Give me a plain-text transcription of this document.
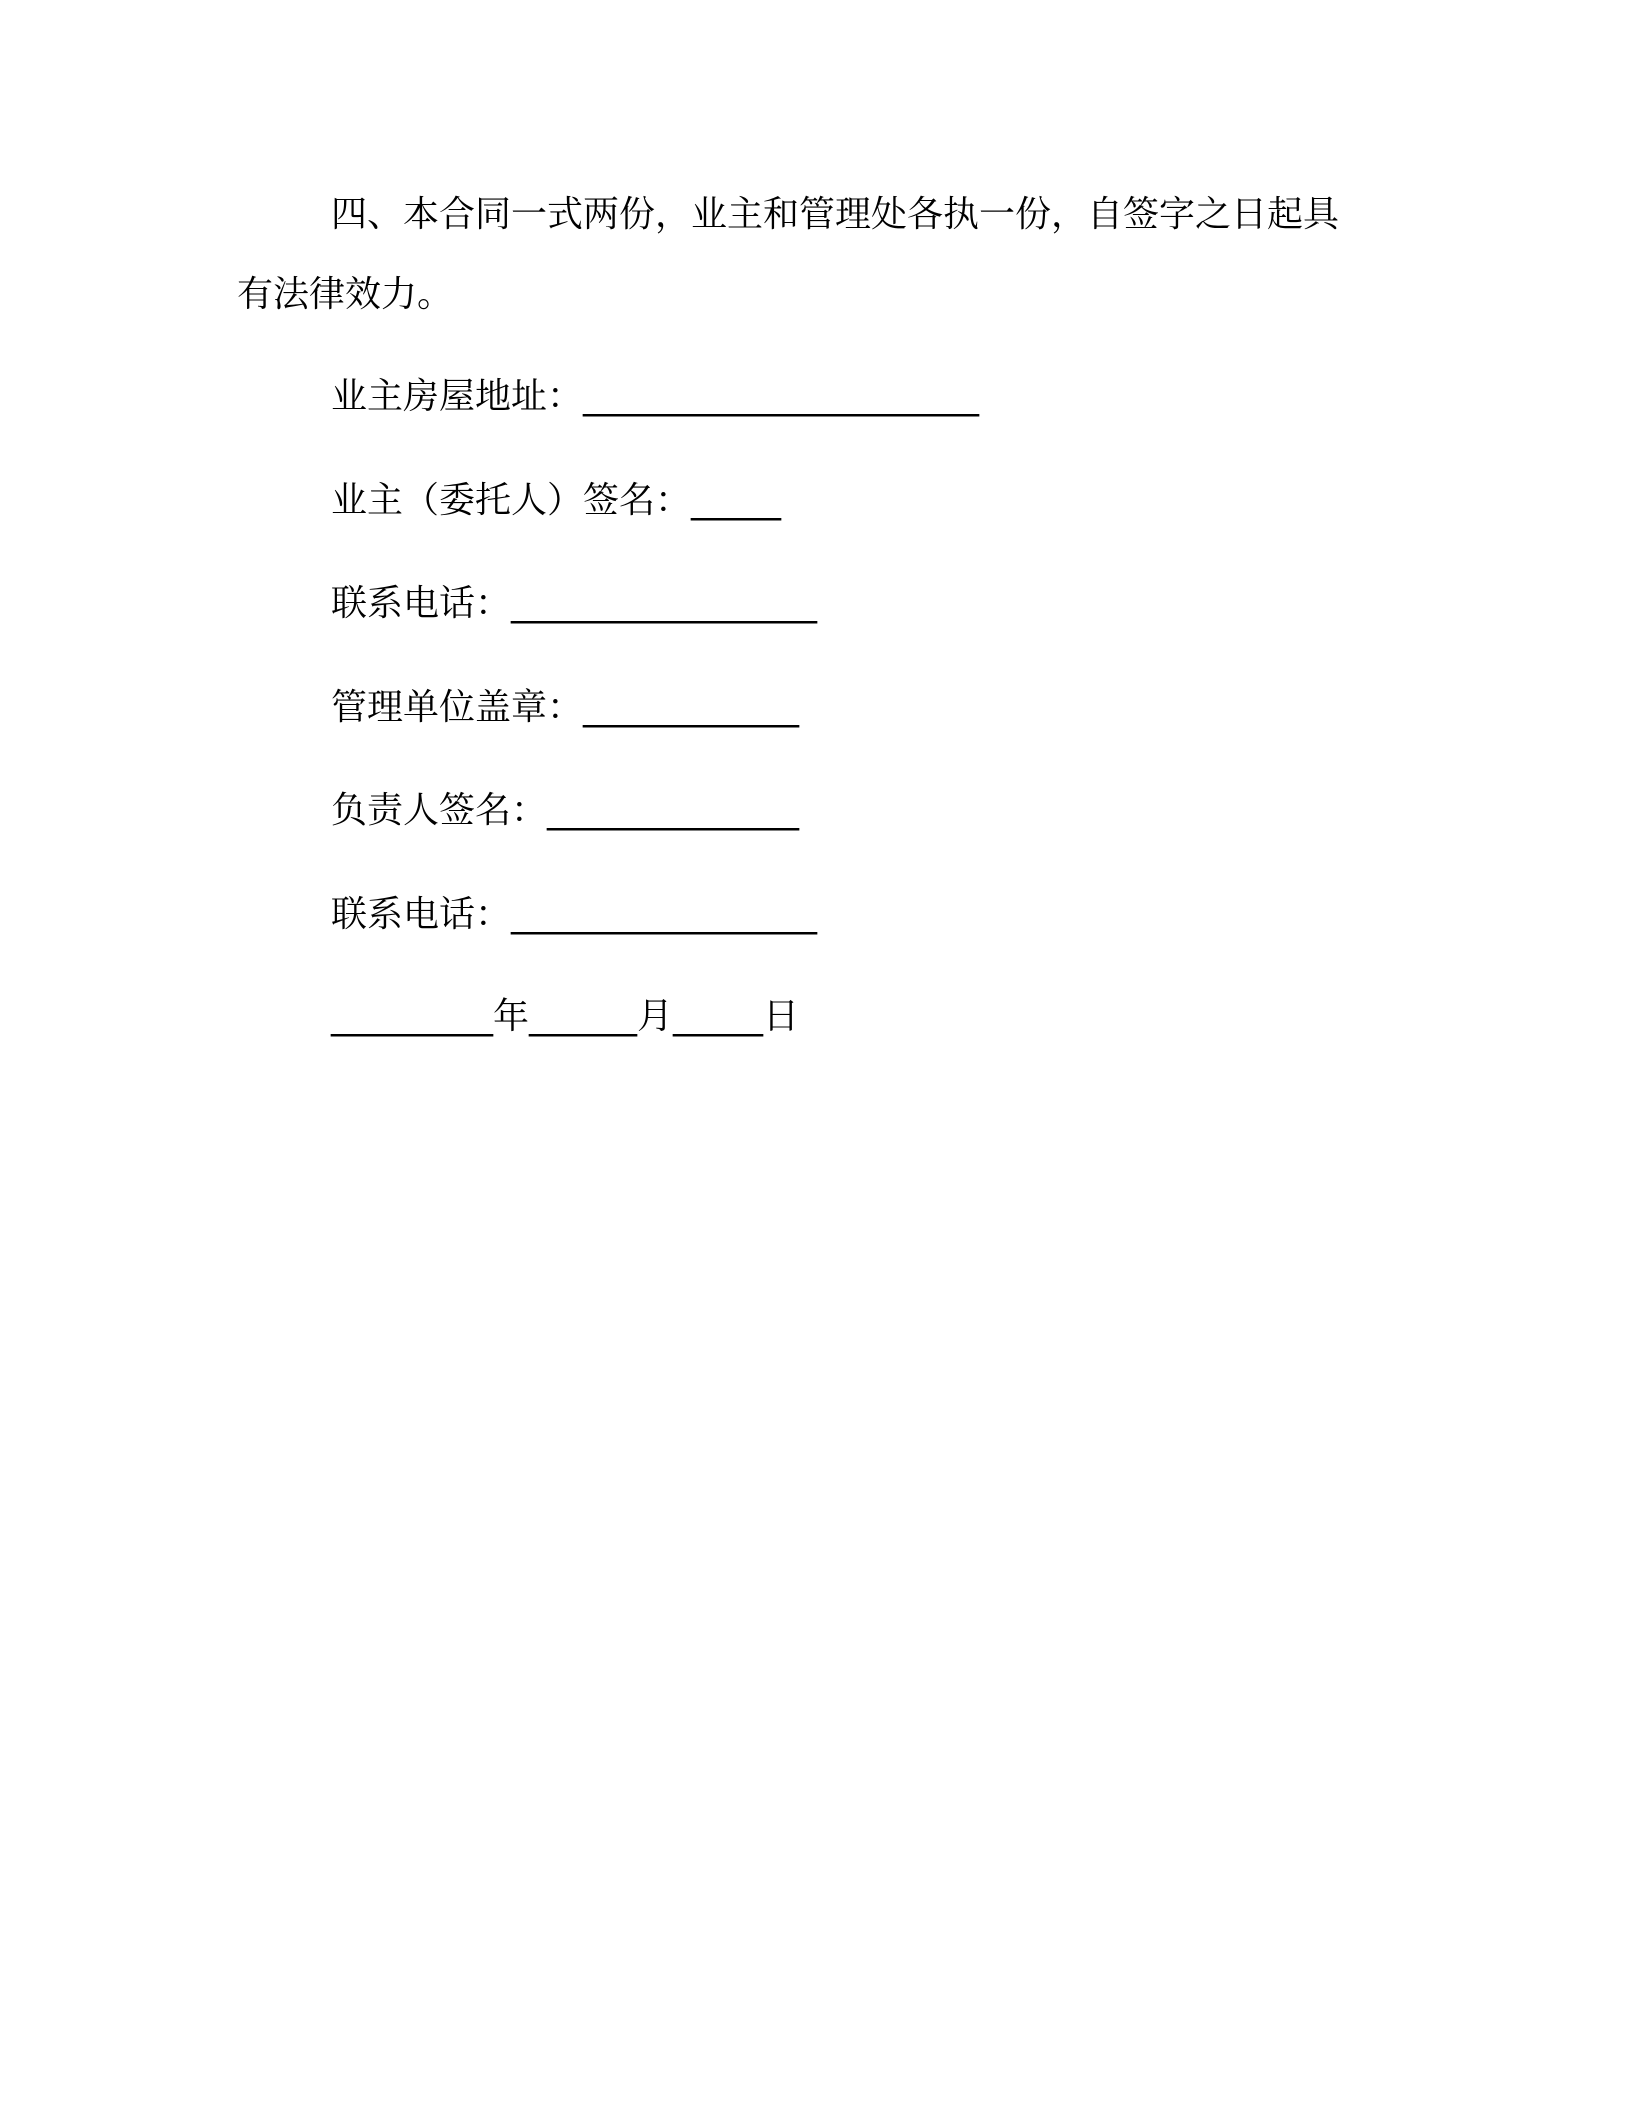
四、本合同一式两份，业主和管理处各执一份，自签字之日起具
有法律效力。
业主房屋地址：______________________
业主（委托人）签名：_____
联系电话：_________________
管理单位盖章：____________
负责人签名：______________
联系电话：_________________
_________年______月_____日
